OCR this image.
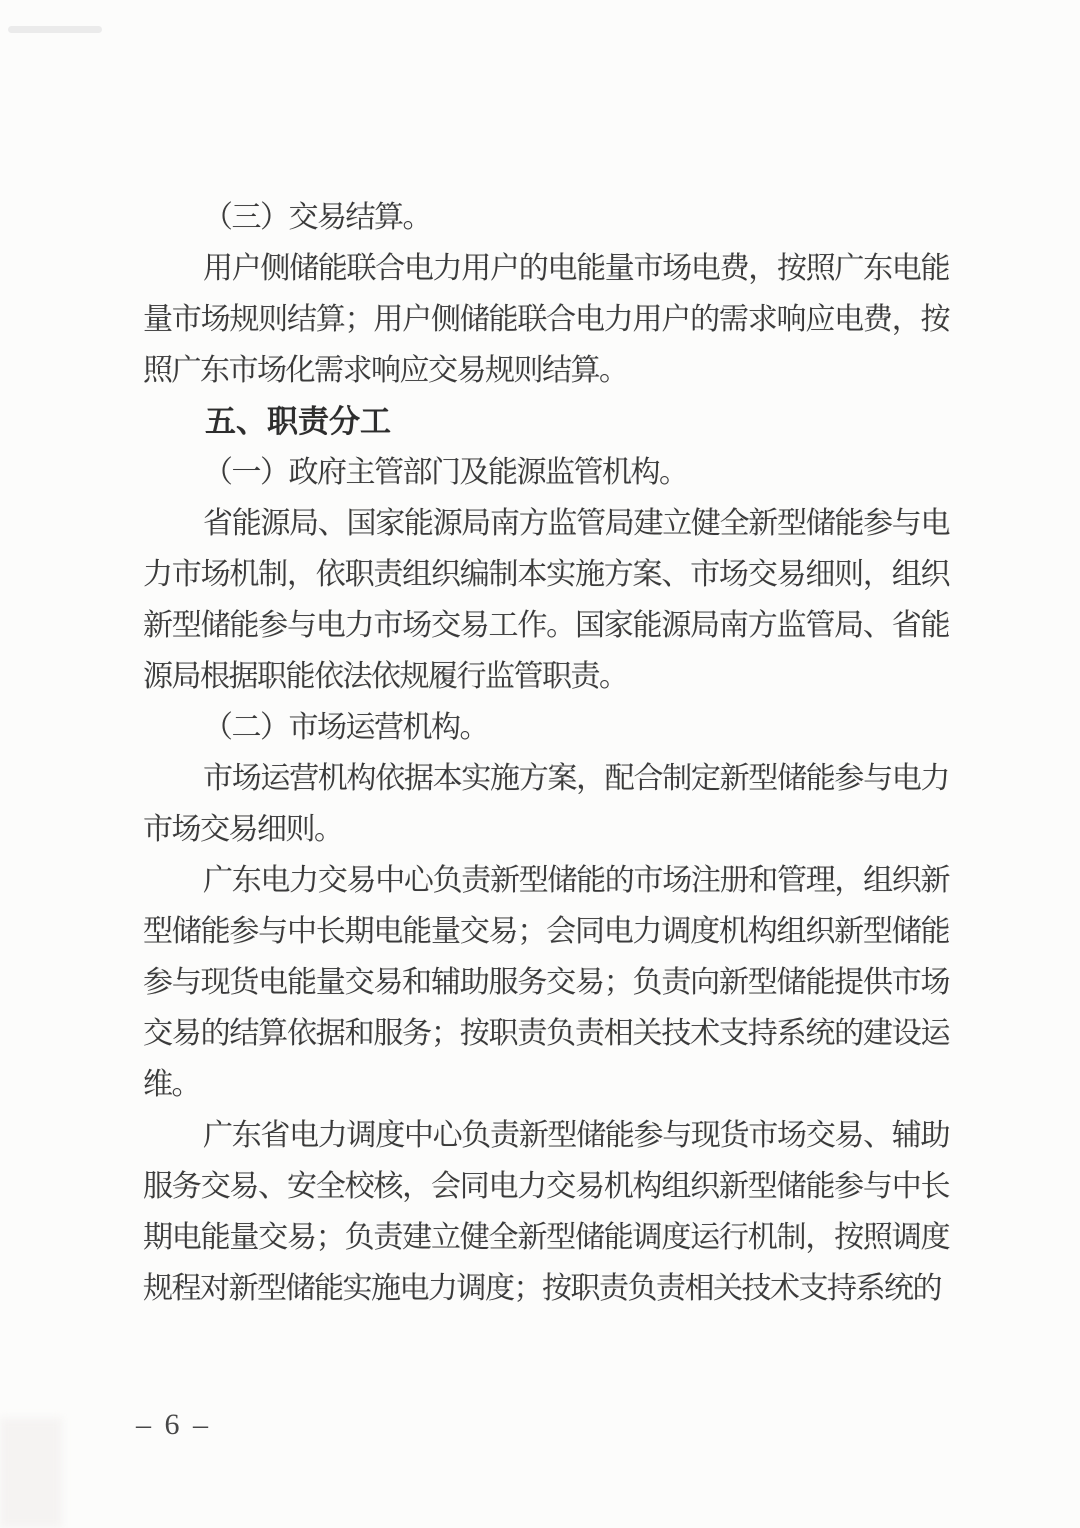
（三）交易结算。

用户侧储能联合电力用户的电能量市场电费，按照广东电能量市场规则结算；用户侧储能联合电力用户的需求响应电费，按照广东市场化需求响应交易规则结算。

五、职责分工

（一）政府主管部门及能源监管机构。

省能源局、国家能源局南方监管局建立健全新型储能参与电力市场机制，依职责组织编制本实施方案、市场交易细则，组织新型储能参与电力市场交易工作。国家能源局南方监管局、省能源局根据职能依法依规履行监管职责。

（二）市场运营机构。

市场运营机构依据本实施方案，配合制定新型储能参与电力市场交易细则。

广东电力交易中心负责新型储能的市场注册和管理，组织新型储能参与中长期电能量交易；会同电力调度机构组织新型储能参与现货电能量交易和辅助服务交易；负责向新型储能提供市场交易的结算依据和服务；按职责负责相关技术支持系统的建设运维。

广东省电力调度中心负责新型储能参与现货市场交易、辅助服务交易、安全校核，会同电力交易机构组织新型储能参与中长期电能量交易；负责建立健全新型储能调度运行机制，按照调度规程对新型储能实施电力调度；按职责负责相关技术支持系统的

– 6 –
